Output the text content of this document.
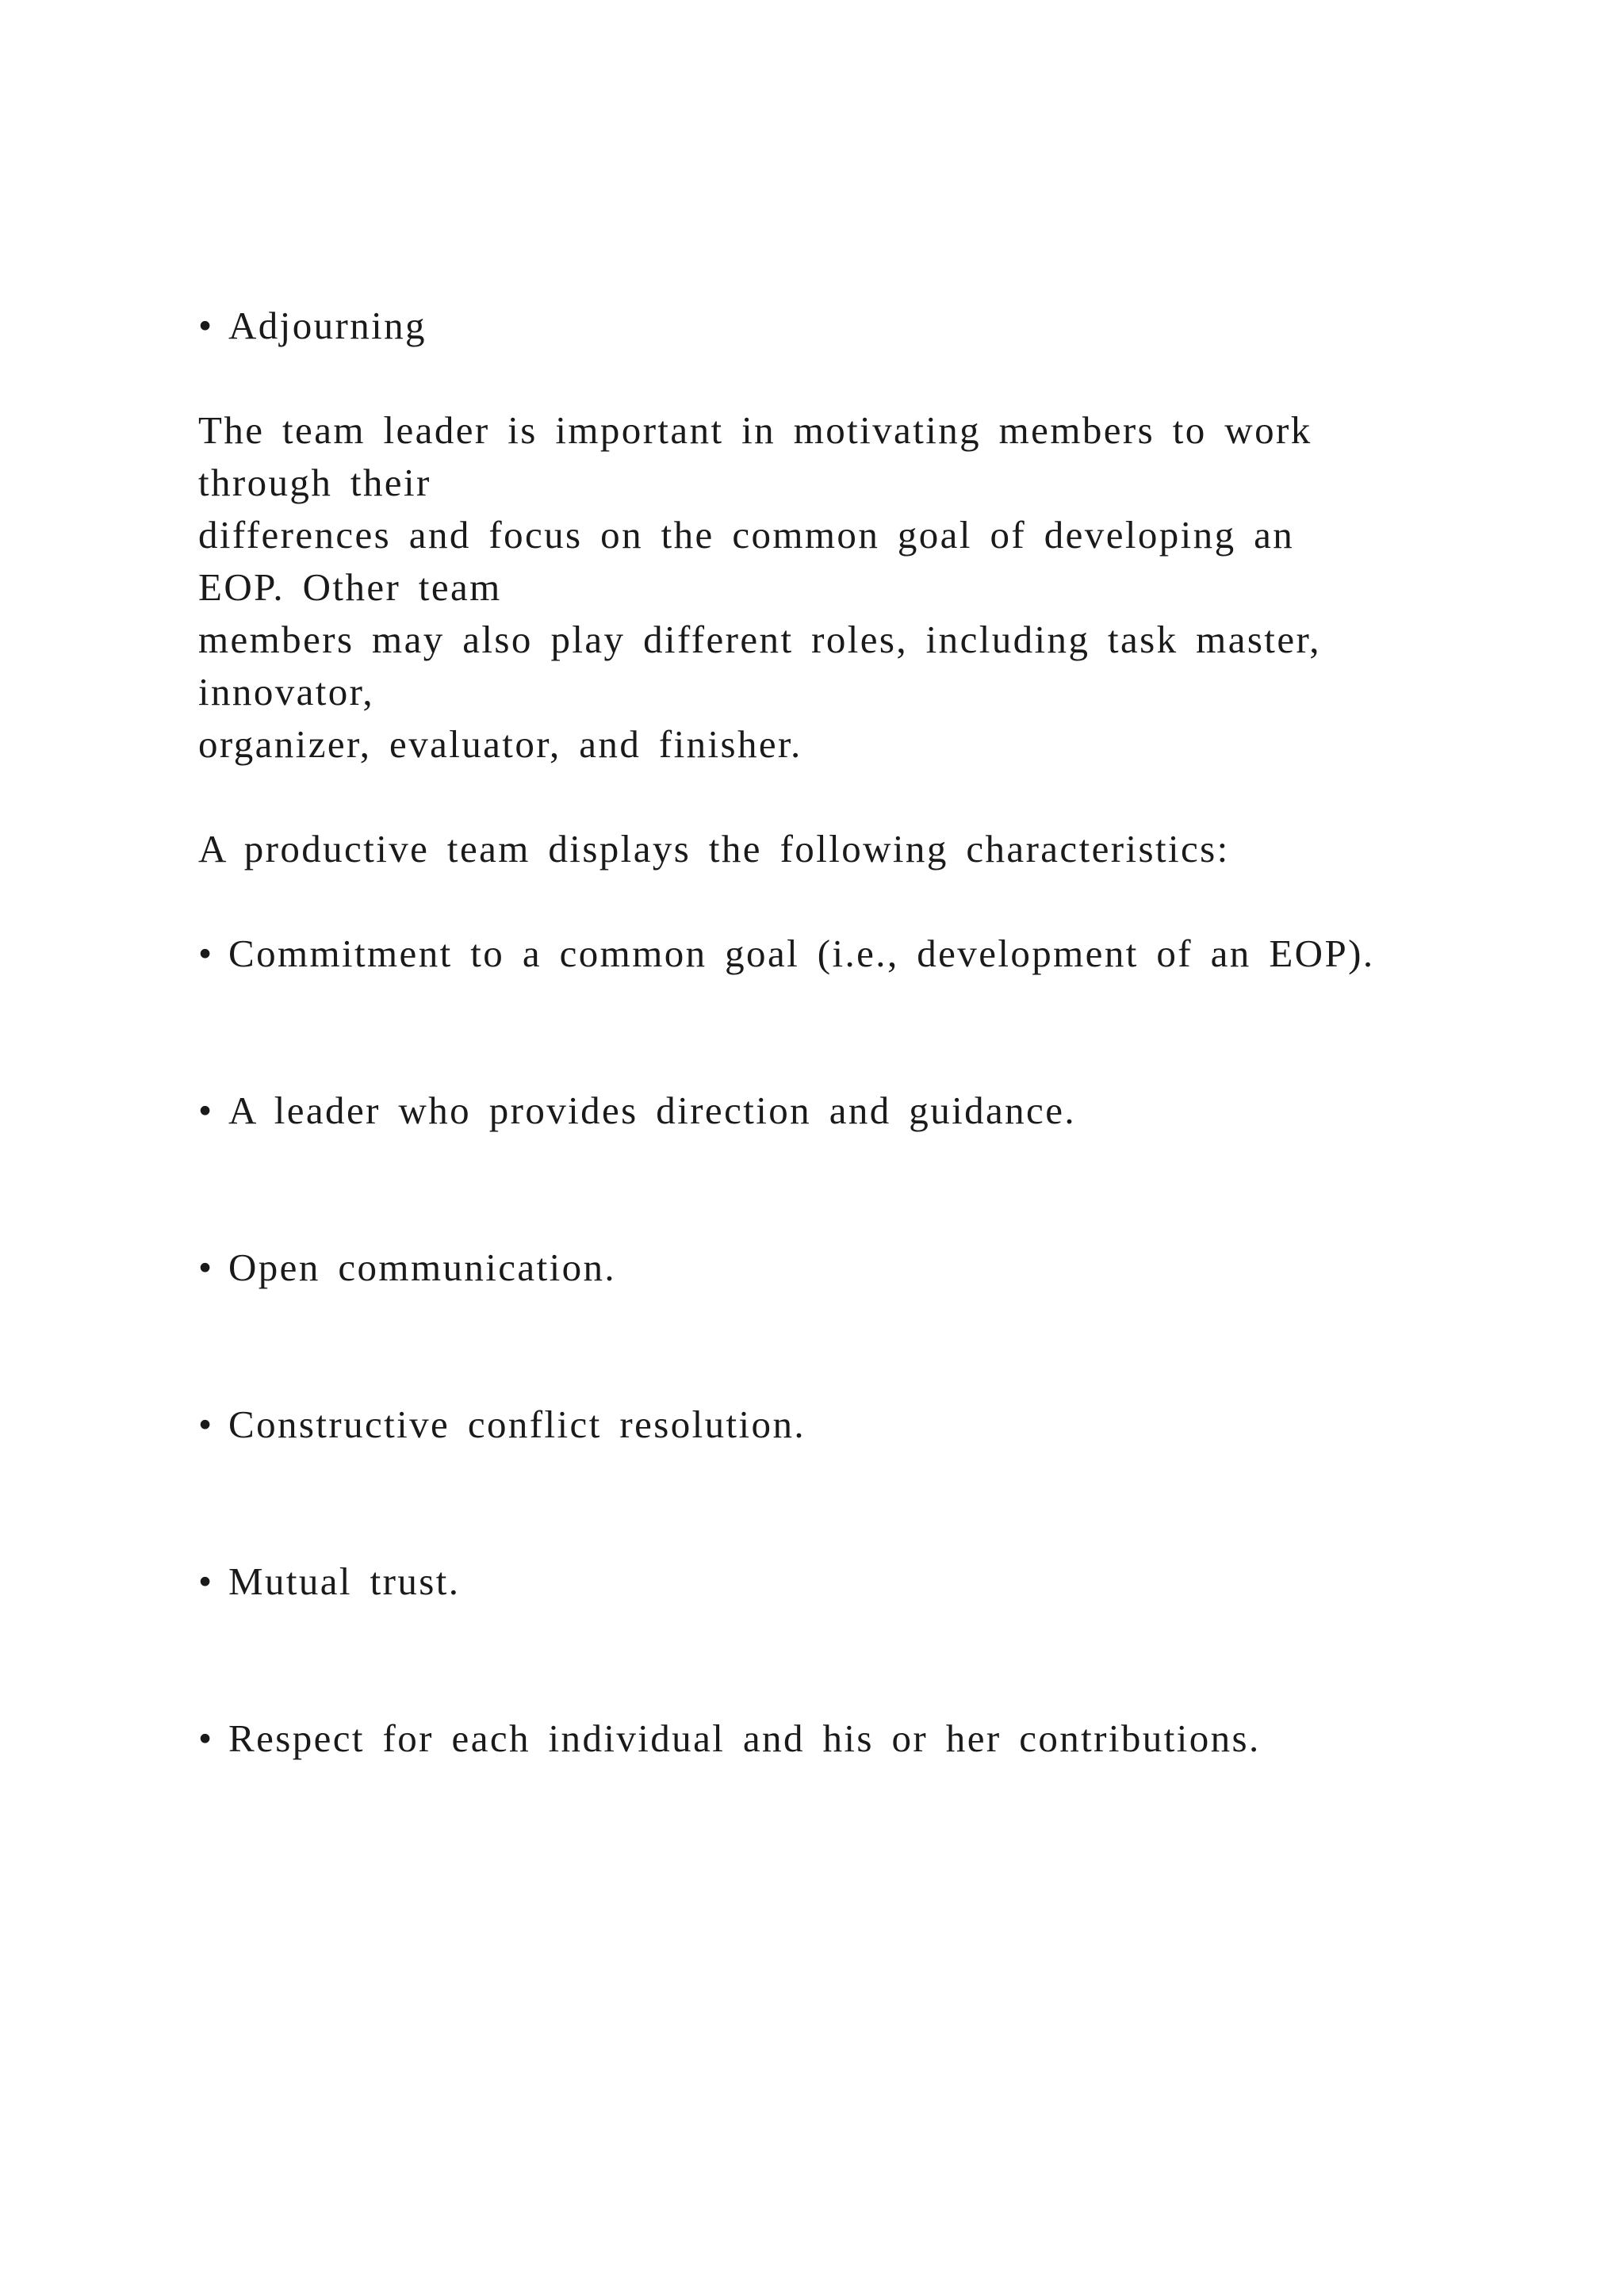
• Adjourning
The team leader is important in motivating members to work
through their
differences and focus on the common goal of developing an
EOP. Other team
members may also play different roles, including task master,
innovator,
organizer, evaluator, and finisher.
A productive team displays the following characteristics:
• Commitment to a common goal (i.e., development of an EOP).
• A leader who provides direction and guidance.
• Open communication.
• Constructive conflict resolution.
• Mutual trust.
• Respect for each individual and his or her contributions.
